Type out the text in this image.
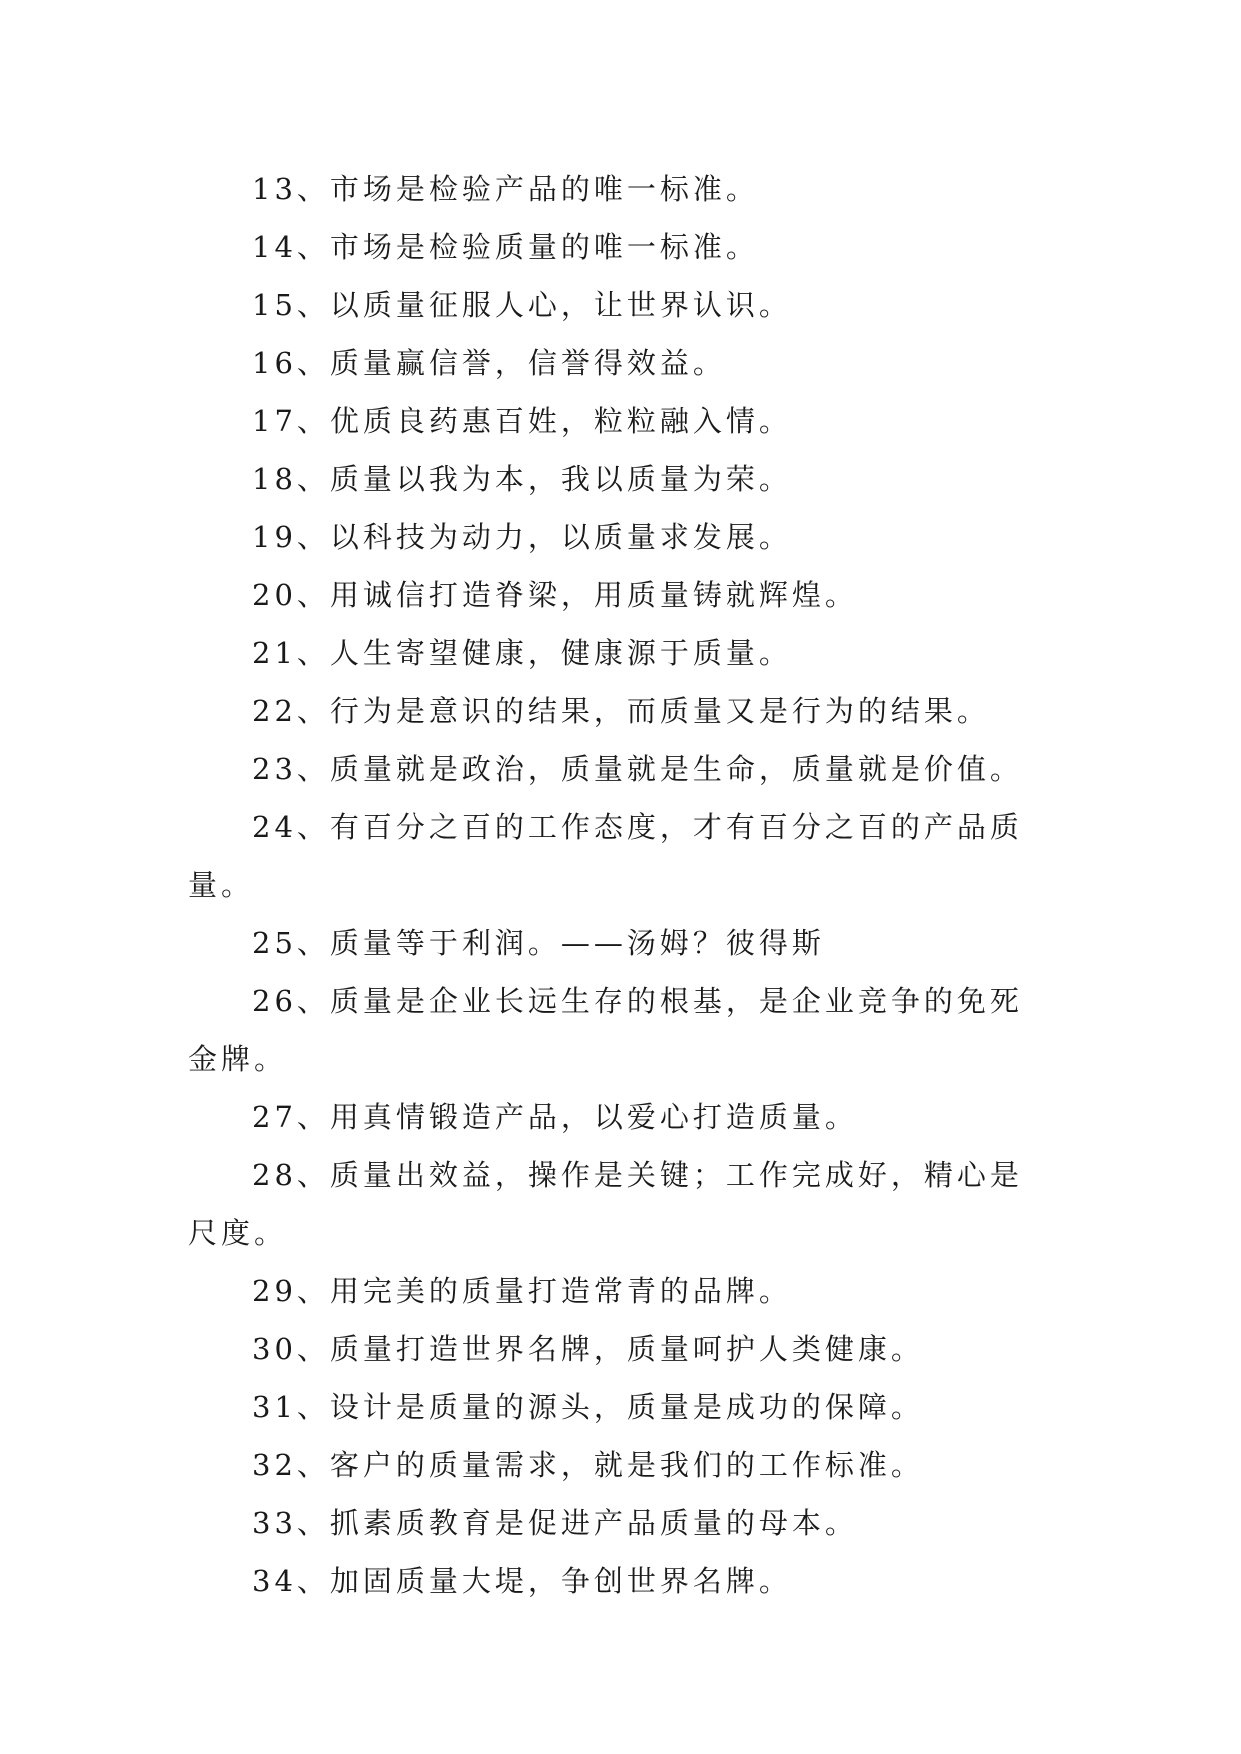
13、市场是检验产品的唯一标准。

14、市场是检验质量的唯一标准。

15、以质量征服人心，让世界认识。

16、质量赢信誉，信誉得效益。

17、优质良药惠百姓，粒粒融入情。

18、质量以我为本，我以质量为荣。

19、以科技为动力，以质量求发展。

20、用诚信打造脊梁，用质量铸就辉煌。

21、人生寄望健康，健康源于质量。

22、行为是意识的结果，而质量又是行为的结果。

23、质量就是政治，质量就是生命，质量就是价值。

24、有百分之百的工作态度，才有百分之百的产品质量。

25、质量等于利润。——汤姆？彼得斯

26、质量是企业长远生存的根基，是企业竞争的免死金牌。

27、用真情锻造产品，以爱心打造质量。

28、质量出效益，操作是关键；工作完成好，精心是尺度。

29、用完美的质量打造常青的品牌。

30、质量打造世界名牌，质量呵护人类健康。

31、设计是质量的源头，质量是成功的保障。

32、客户的质量需求，就是我们的工作标准。

33、抓素质教育是促进产品质量的母本。

34、加固质量大堤，争创世界名牌。
